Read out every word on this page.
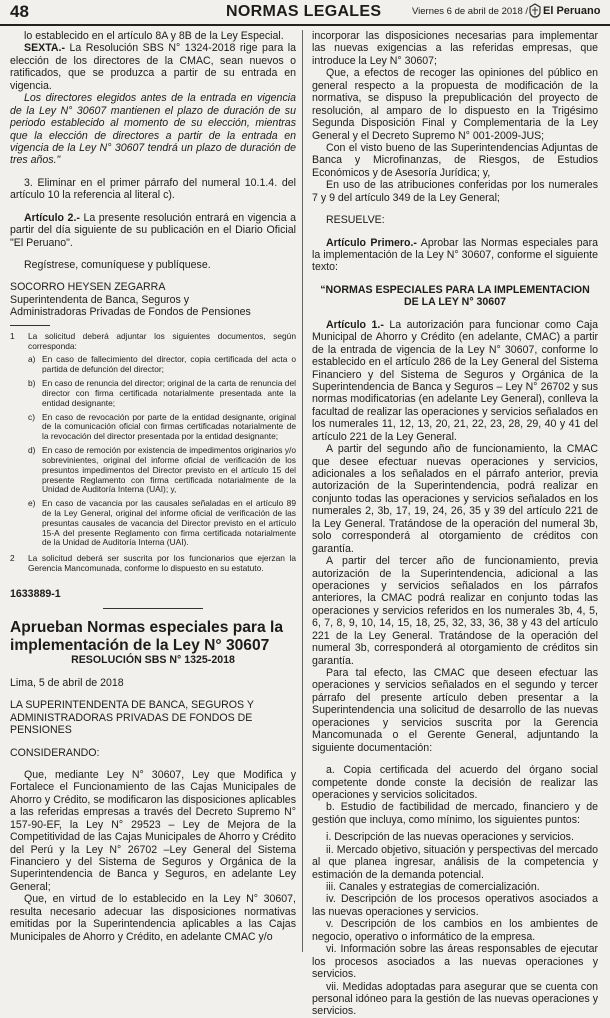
48	NORMAS LEGALES	Viernes 6 de abril de 2018 / El Peruano

lo establecido en el artículo 8A y 8B de la Ley Especial.

SEXTA.- La Resolución SBS N° 1324-2018 rige para la elección de los directores de la CMAC, sean nuevos o ratificados, que se produzca a partir de su entrada en vigencia.

Los directores elegidos antes de la entrada en vigencia de la Ley N° 30607 mantienen el plazo de duración de su periodo establecido al momento de su elección, mientras que la elección de directores a partir de la entrada en vigencia de la Ley N° 30607 tendrá un plazo de duración de tres años."

3. Eliminar en el primer párrafo del numeral 10.1.4. del artículo 10 la referencia al literal c).

Artículo 2.- La presente resolución entrará en vigencia a partir del día siguiente de su publicación en el Diario Oficial "El Peruano".

Regístrese, comuníquese y publíquese.

SOCORRO HEYSEN ZEGARRA

Superintendenta de Banca, Seguros y

Administradoras Privadas de Fondos de Pensiones

1	La solicitud deberá adjuntar los siguientes documentos, según corresponda:
a) En caso de fallecimiento del director, copia certificada del acta o partida de defunción del director;
b) En caso de renuncia del director; original de la carta de renuncia del director con firma certificada notarialmente presentada ante la entidad designante;
c) En caso de revocación por parte de la entidad designante, original de la comunicación oficial con firmas certificadas notarialmente de la revocación del director presentada por la entidad designante;
d) En caso de remoción por existencia de impedimentos originarios y/o sobrevinientes, original del informe oficial de verificación de los presuntos impedimentos del Director previsto en el artículo 15 del presente Reglamento con firma certificada notarialmente de la Unidad de Auditoría Interna (UAI); y,
e) En caso de vacancia por las causales señaladas en el artículo 89 de la Ley General, original del informe oficial de verificación de las presuntas causales de vacancia del Director previsto en el artículo 15-A del presente Reglamento con firma certificada notarialmente de la Unidad de Auditoría Interna (UAI).
2	La solicitud deberá ser suscrita por los funcionarios que ejerzan la Gerencia Mancomunada, conforme lo dispuesto en su estatuto.

1633889-1

Aprueban Normas especiales para la implementación de la Ley N° 30607

RESOLUCIÓN SBS N° 1325-2018

Lima, 5 de abril de 2018

LA SUPERINTENDENTA DE BANCA, SEGUROS Y ADMINISTRADORAS PRIVADAS DE FONDOS DE PENSIONES

CONSIDERANDO:

Que, mediante Ley N° 30607, Ley que Modifica y Fortalece el Funcionamiento de las Cajas Municipales de Ahorro y Crédito, se modificaron las disposiciones aplicables a las referidas empresas a través del Decreto Supremo N° 157-90-EF, la Ley N° 29523 – Ley de Mejora de la Competitividad de las Cajas Municipales de Ahorro y Crédito del Perú y la Ley N° 26702 –Ley General del Sistema Financiero y del Sistema de Seguros y Orgánica de la Superintendencia de Banca y Seguros, en adelante Ley General;

Que, en virtud de lo establecido en la Ley N° 30607, resulta necesario adecuar las disposiciones normativas emitidas por la Superintendencia aplicables a las Cajas Municipales de Ahorro y Crédito, en adelante CMAC y/o

incorporar las disposiciones necesarias para implementar las nuevas exigencias a las referidas empresas, que introduce la Ley N° 30607;

Que, a efectos de recoger las opiniones del público en general respecto a la propuesta de modificación de la normativa, se dispuso la prepublicación del proyecto de resolución, al amparo de lo dispuesto en la Trigésimo Segunda Disposición Final y Complementaria de la Ley General y el Decreto Supremo N° 001-2009-JUS;

Con el visto bueno de las Superintendencias Adjuntas de Banca y Microfinanzas, de Riesgos, de Estudios Económicos y de Asesoría Jurídica; y,

En uso de las atribuciones conferidas por los numerales 7 y 9 del artículo 349 de la Ley General;

RESUELVE:

Artículo Primero.- Aprobar las Normas especiales para la implementación de la Ley N° 30607, conforme el siguiente texto:

“NORMAS ESPECIALES PARA LA IMPLEMENTACION DE LA LEY N° 30607

Artículo 1.- La autorización para funcionar como Caja Municipal de Ahorro y Crédito (en adelante, CMAC) a partir de la entrada de vigencia de la Ley N° 30607, conforme lo establecido en el artículo 286 de la Ley General del Sistema Financiero y del Sistema de Seguros y Orgánica de la Superintendencia de Banca y Seguros – Ley N° 26702 y sus normas modificatorias (en adelante Ley General), conlleva la facultad de realizar las operaciones y servicios señalados en los numerales 11, 12, 13, 20, 21, 22, 23, 28, 29, 40 y 41 del artículo 221 de la Ley General.

A partir del segundo año de funcionamiento, la CMAC que desee efectuar nuevas operaciones y servicios, adicionales a los señalados en el párrafo anterior, previa autorización de la Superintendencia, podrá realizar en conjunto todas las operaciones y servicios señalados en los numerales 2, 3b, 17, 19, 24, 26, 35 y 39 del artículo 221 de la Ley General. Tratándose de la operación del numeral 3b, solo corresponderá al otorgamiento de créditos con garantía.

A partir del tercer año de funcionamiento, previa autorización de la Superintendencia, adicional a las operaciones y servicios señalados en los párrafos anteriores, la CMAC podrá realizar en conjunto todas las operaciones y servicios referidos en los numerales 3b, 4, 5, 6, 7, 8, 9, 10, 14, 15, 18, 25, 32, 33, 36, 38 y 43 del artículo 221 de la Ley General. Tratándose de la operación del numeral 3b, corresponderá al otorgamiento de créditos sin garantía.

Para tal efecto, las CMAC que deseen efectuar las operaciones y servicios señalados en el segundo y tercer párrafo del presente artículo deben presentar a la Superintendencia una solicitud de desarrollo de las nuevas operaciones y servicios suscrita por la Gerencia Mancomunada o el Gerente General, adjuntando la siguiente documentación:

a. Copia certificada del acuerdo del órgano social competente donde conste la decisión de realizar las operaciones y servicios solicitados.

b. Estudio de factibilidad de mercado, financiero y de gestión que incluya, como mínimo, los siguientes puntos:

i. Descripción de las nuevas operaciones y servicios.

ii. Mercado objetivo, situación y perspectivas del mercado al que planea ingresar, análisis de la competencia y estimación de la demanda potencial.

iii. Canales y estrategias de comercialización.

iv. Descripción de los procesos operativos asociados a las nuevas operaciones y servicios.

v. Descripción de los cambios en los ambientes de negocio, operativo o informático de la empresa.

vi. Información sobre las áreas responsables de ejecutar los procesos asociados a las nuevas operaciones y servicios.

vii. Medidas adoptadas para asegurar que se cuenta con personal idóneo para la gestión de las nuevas operaciones y servicios.
